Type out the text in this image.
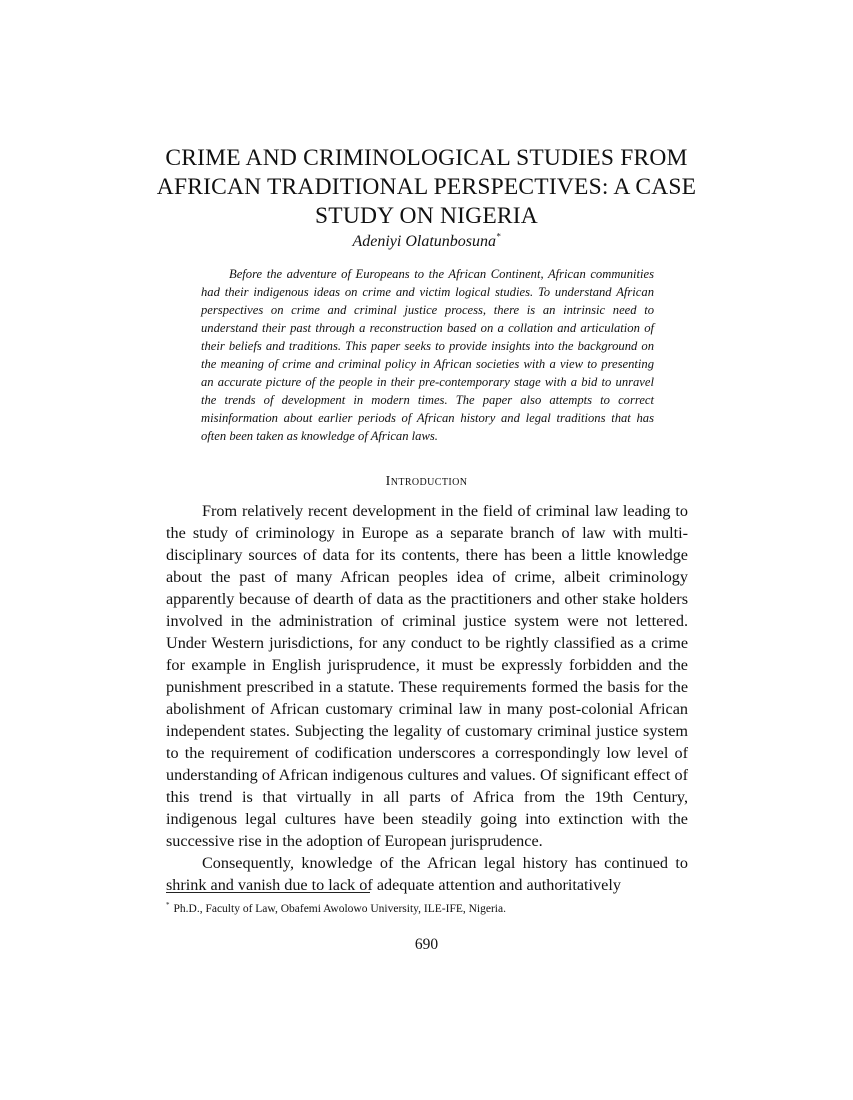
CRIME AND CRIMINOLOGICAL STUDIES FROM AFRICAN TRADITIONAL PERSPECTIVES: A CASE STUDY ON NIGERIA

Adeniyi Olatunbosuna*

Before the adventure of Europeans to the African Continent, African communities had their indigenous ideas on crime and victim logical studies. To understand African perspectives on crime and criminal justice process, there is an intrinsic need to understand their past through a reconstruction based on a collation and articulation of their beliefs and traditions. This paper seeks to provide insights into the background on the meaning of crime and criminal policy in African societies with a view to presenting an accurate picture of the people in their pre-contemporary stage with a bid to unravel the trends of development in modern times. The paper also attempts to correct misinformation about earlier periods of African history and legal traditions that has often been taken as knowledge of African laws.

Introduction

From relatively recent development in the field of criminal law leading to the study of criminology in Europe as a separate branch of law with multi-disciplinary sources of data for its contents, there has been a little knowledge about the past of many African peoples idea of crime, albeit criminology apparently because of dearth of data as the practitioners and other stake holders involved in the administration of criminal justice system were not lettered. Under Western jurisdictions, for any conduct to be rightly classified as a crime for example in English jurisprudence, it must be expressly forbidden and the punishment prescribed in a statute. These requirements formed the basis for the abolishment of African customary criminal law in many post-colonial African independent states. Subjecting the legality of customary criminal justice system to the requirement of codification underscores a correspondingly low level of understanding of African indigenous cultures and values. Of significant effect of this trend is that virtually in all parts of Africa from the 19th Century, indigenous legal cultures have been steadily going into extinction with the successive rise in the adoption of European jurisprudence.

Consequently, knowledge of the African legal history has continued to shrink and vanish due to lack of adequate attention and authoritatively

* Ph.D., Faculty of Law, Obafemi Awolowo University, ILE-IFE, Nigeria.

690
